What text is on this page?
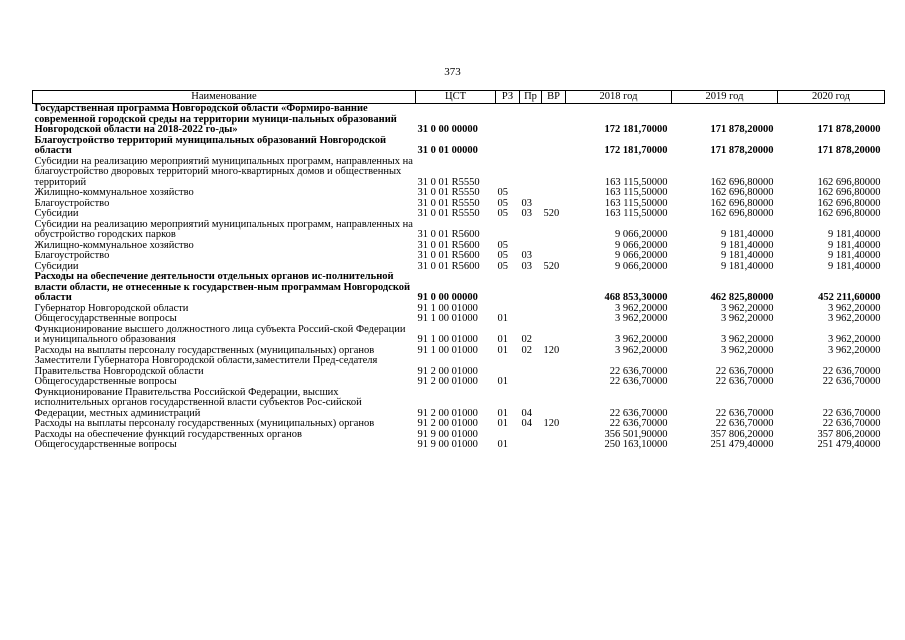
373
Наименование	ЦСТ	РЗ	Пр	ВР	2018 год	2019 год	2020 год
Государственная программа Новгородской области «Формиро-ванние современной городской среды на территории муници-пальных образований Новгородской области на 2018-2022 го-ды»	31 0 00 00000				172 181,70000	171 878,20000	171 878,20000
Благоустройство территорий муниципальных образований Новгородской области	31 0 01 00000				172 181,70000	171 878,20000	171 878,20000
Субсидии на реализацию мероприятий муниципальных программ, направленных на благоустройство дворовых территорий много-квартирных домов и общественных территорий	31 0 01 R5550				163 115,50000	162 696,80000	162 696,80000
Жилищно-коммунальное хозяйство	31 0 01 R5550	05			163 115,50000	162 696,80000	162 696,80000
Благоустройство	31 0 01 R5550	05	03		163 115,50000	162 696,80000	162 696,80000
Субсидии	31 0 01 R5550	05	03	520	163 115,50000	162 696,80000	162 696,80000
Субсидии на реализацию мероприятий муниципальных программ, направленных на обустройство городских парков	31 0 01 R5600				9 066,20000	9 181,40000	9 181,40000
Жилищно-коммунальное хозяйство	31 0 01 R5600	05			9 066,20000	9 181,40000	9 181,40000
Благоустройство	31 0 01 R5600	05	03		9 066,20000	9 181,40000	9 181,40000
Субсидии	31 0 01 R5600	05	03	520	9 066,20000	9 181,40000	9 181,40000
Расходы на обеспечение деятельности отдельных органов ис-полнительной власти области, не отнесенные к государствен-ным программам Новгородской области	91 0 00 00000				468 853,30000	462 825,80000	452 211,60000
Губернатор Новгородской области	91 1 00 01000				3 962,20000	3 962,20000	3 962,20000
Общегосударственные вопросы	91 1 00 01000	01			3 962,20000	3 962,20000	3 962,20000
Функционирование высшего должностного лица субъекта Россий-ской Федерации и муниципального образования	91 1 00 01000	01	02		3 962,20000	3 962,20000	3 962,20000
Расходы на выплаты персоналу государственных (муниципальных) органов	91 1 00 01000	01	02	120	3 962,20000	3 962,20000	3 962,20000
Заместители Губернатора Новгородской области,заместители Пред-седателя Правительства Новгородской области	91 2 00 01000				22 636,70000	22 636,70000	22 636,70000
Общегосударственные вопросы	91 2 00 01000	01			22 636,70000	22 636,70000	22 636,70000
Функционирование Правительства Российской Федерации, высших исполнительных органов государственной власти субъектов Рос-сийской Федерации, местных администраций	91 2 00 01000	01	04		22 636,70000	22 636,70000	22 636,70000
Расходы на выплаты персоналу государственных (муниципальных) органов	91 2 00 01000	01	04	120	22 636,70000	22 636,70000	22 636,70000
Расходы на обеспечение функций государственных органов	91 9 00 01000				356 501,90000	357 806,20000	357 806,20000
Общегосударственные вопросы	91 9 00 01000	01			250 163,10000	251 479,40000	251 479,40000
